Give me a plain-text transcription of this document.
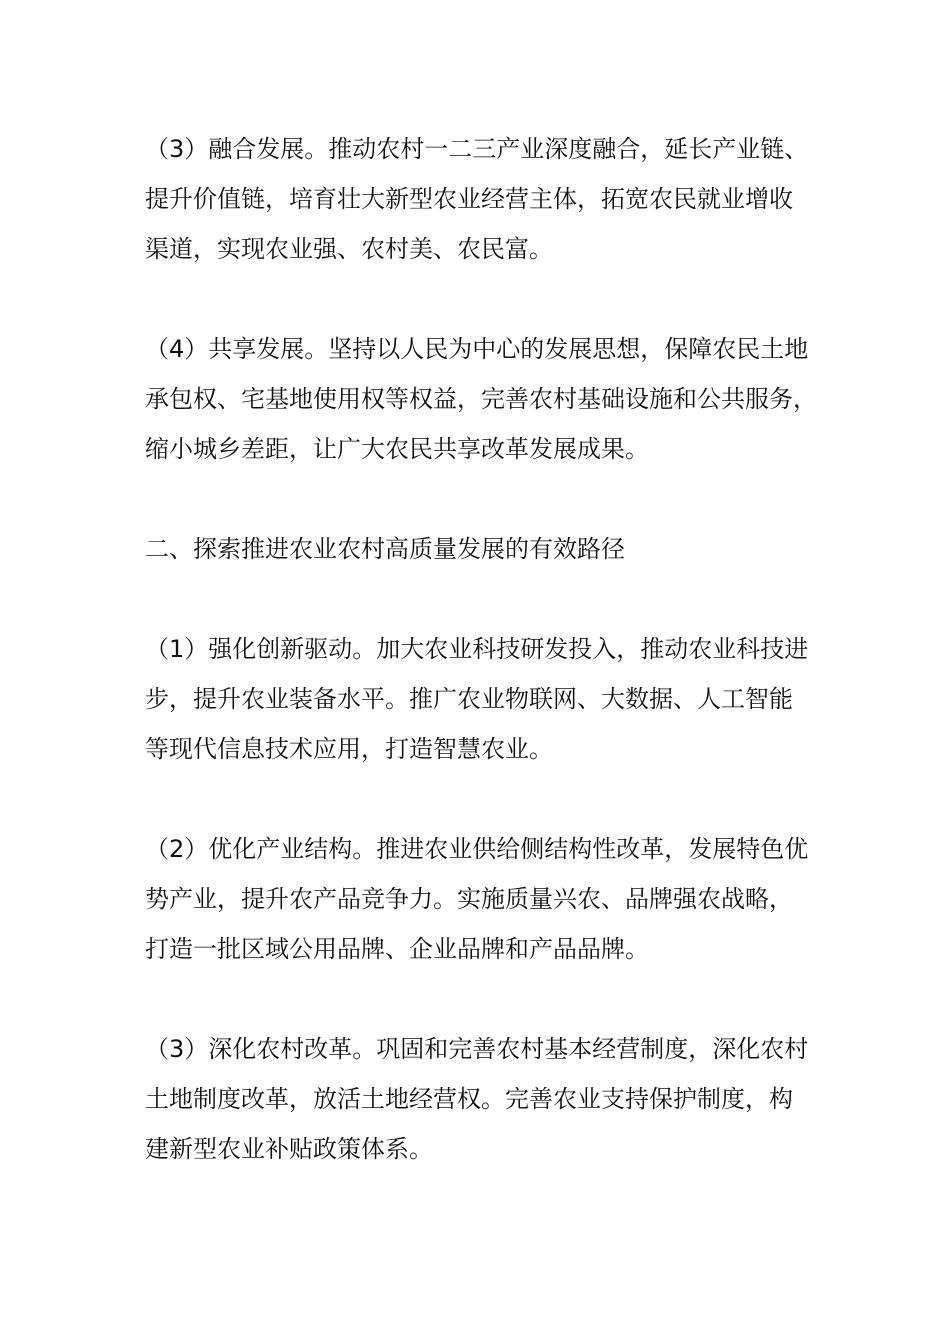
（3）融合发展。推动农村一二三产业深度融合，延长产业链、
提升价值链，培育壮大新型农业经营主体，拓宽农民就业增收
渠道，实现农业强、农村美、农民富。
（4）共享发展。坚持以人民为中心的发展思想，保障农民土地
承包权、宅基地使用权等权益，完善农村基础设施和公共服务，
缩小城乡差距，让广大农民共享改革发展成果。
二、探索推进农业农村高质量发展的有效路径
（1）强化创新驱动。加大农业科技研发投入，推动农业科技进
步，提升农业装备水平。推广农业物联网、大数据、人工智能
等现代信息技术应用，打造智慧农业。
（2）优化产业结构。推进农业供给侧结构性改革，发展特色优
势产业，提升农产品竞争力。实施质量兴农、品牌强农战略，
打造一批区域公用品牌、企业品牌和产品品牌。
（3）深化农村改革。巩固和完善农村基本经营制度，深化农村
土地制度改革，放活土地经营权。完善农业支持保护制度，构
建新型农业补贴政策体系。
